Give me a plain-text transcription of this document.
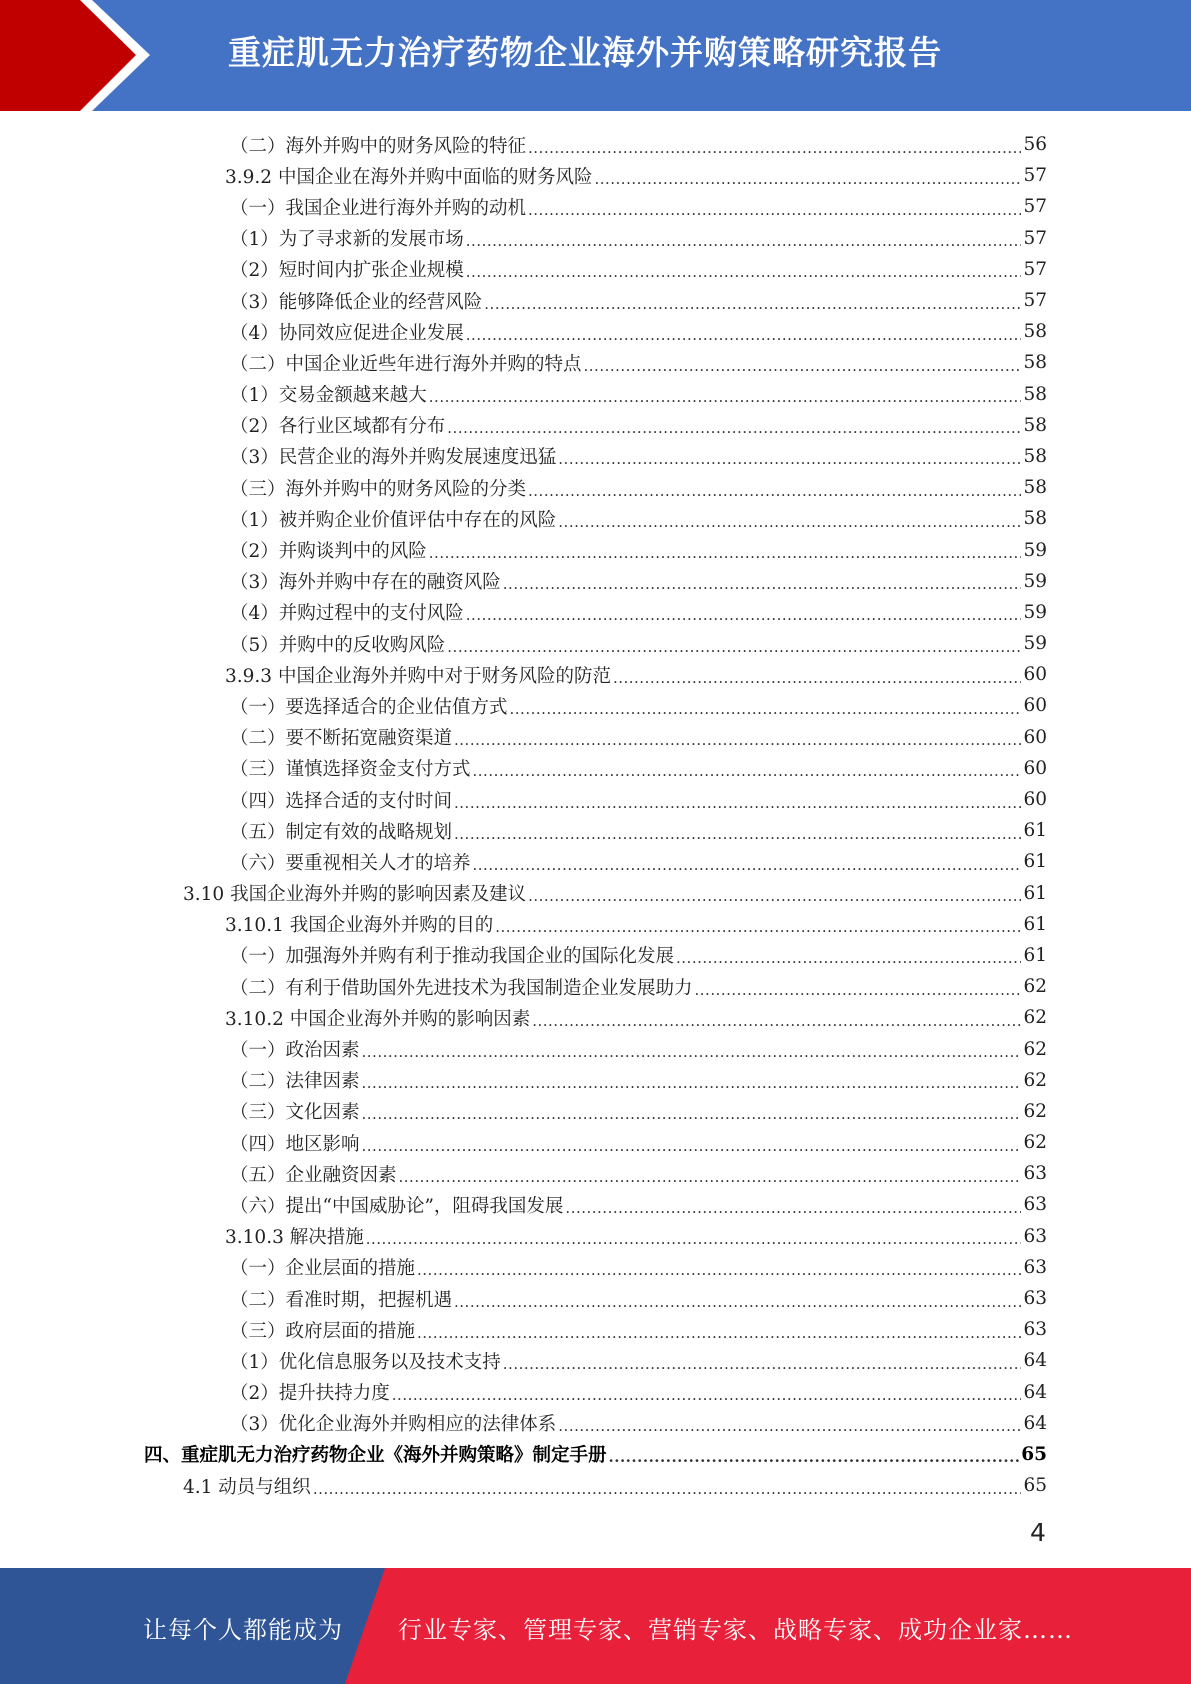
重症肌无力治疗药物企业海外并购策略研究报告
（二）海外并购中的财务风险的特征 .....	56
3.9.2 中国企业在海外并购中面临的财务风险 .....	57
（一）我国企业进行海外并购的动机 .....	57
（1）为了寻求新的发展市场 .....	57
（2）短时间内扩张企业规模 .....	57
（3）能够降低企业的经营风险 .....	57
（4）协同效应促进企业发展 .....	58
（二）中国企业近些年进行海外并购的特点 .....	58
（1）交易金额越来越大 .....	58
（2）各行业区域都有分布 .....	58
（3）民营企业的海外并购发展速度迅猛 .....	58
（三）海外并购中的财务风险的分类 .....	58
（1）被并购企业价值评估中存在的风险 .....	58
（2）并购谈判中的风险 .....	59
（3）海外并购中存在的融资风险 .....	59
（4）并购过程中的支付风险 .....	59
（5）并购中的反收购风险 .....	59
3.9.3 中国企业海外并购中对于财务风险的防范 .....	60
（一）要选择适合的企业估值方式 .....	60
（二）要不断拓宽融资渠道 .....	60
（三）谨慎选择资金支付方式 .....	60
（四）选择合适的支付时间 .....	60
（五）制定有效的战略规划 .....	61
（六）要重视相关人才的培养 .....	61
3.10 我国企业海外并购的影响因素及建议 .....	61
3.10.1 我国企业海外并购的目的 .....	61
（一）加强海外并购有利于推动我国企业的国际化发展 .....	61
（二）有利于借助国外先进技术为我国制造企业发展助力 .....	62
3.10.2 中国企业海外并购的影响因素 .....	62
（一）政治因素 .....	62
（二）法律因素 .....	62
（三）文化因素 .....	62
（四）地区影响 .....	62
（五）企业融资因素 .....	63
（六）提出“中国威胁论”，阻碍我国发展 .....	63
3.10.3 解决措施 .....	63
（一）企业层面的措施 .....	63
（二）看准时期，把握机遇 .....	63
（三）政府层面的措施 .....	63
（1）优化信息服务以及技术支持 .....	64
（2）提升扶持力度 .....	64
（3）优化企业海外并购相应的法律体系 .....	64
四、重症肌无力治疗药物企业《海外并购策略》制定手册 .....	65
4.1 动员与组织 .....	65
4
让每个人都能成为 行业专家、管理专家、营销专家、战略专家、成功企业家……
